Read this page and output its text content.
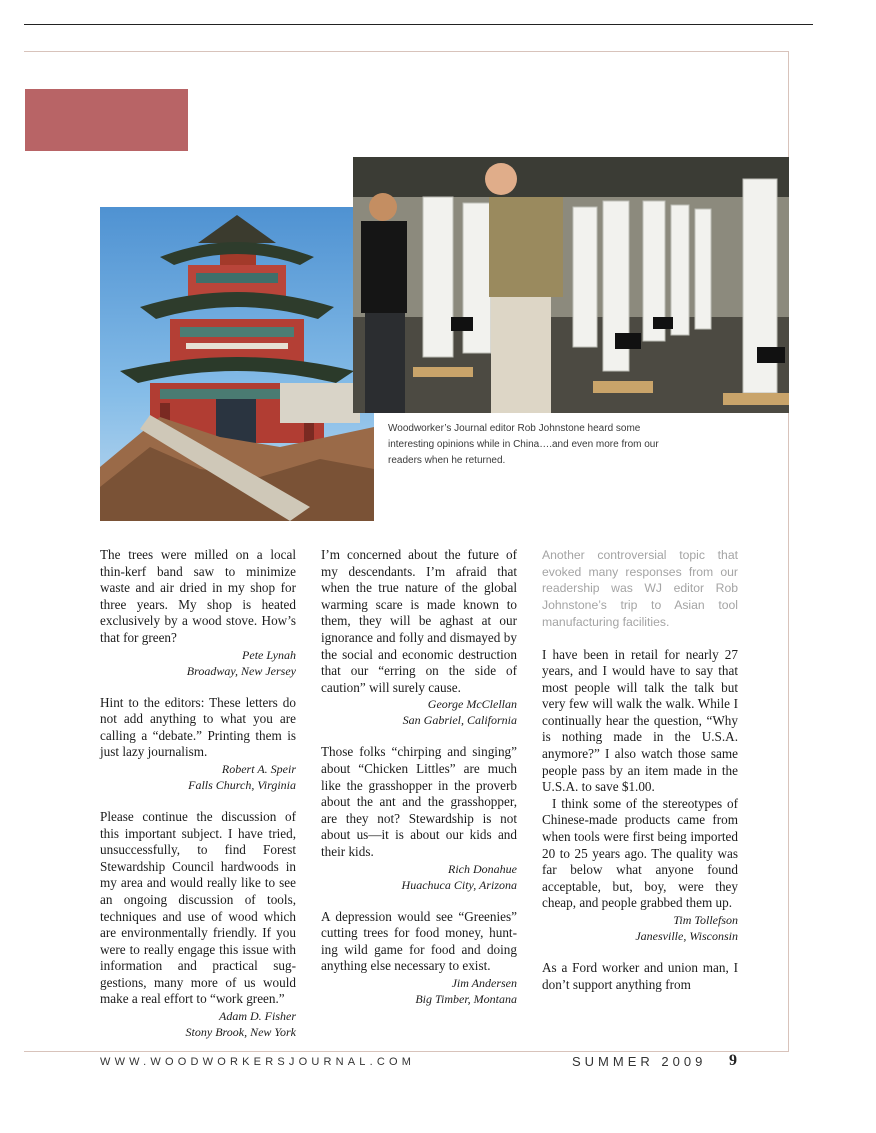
Woodworker’s Journal editor Rob Johnstone heard some interesting opinions while in China….and even more from our readers when he returned.

The trees were milled on a local thin-kerf band saw to minimize waste and air dried in my shop for three years. My shop is heated exclusively by a wood stove. How’s that for green?

Pete Lynah
Broadway, New Jersey

Hint to the editors: These letters do not add anything to what you are calling a “debate.” Printing them is just lazy journalism.

Robert A. Speir
Falls Church, Virginia

Please continue the discussion of this important subject. I have tried, unsuccessfully, to find Forest Stewardship Council hardwoods in my area and would really like to see an ongoing discussion of tools, techniques and use of wood which are environmentally friendly. If you were to really engage this issue with information and practical sug-gestions, many more of us would make a real effort to “work green.”

Adam D. Fisher
Stony Brook, New York

I’m concerned about the future of my descendants. I’m afraid that when the true nature of the global warming scare is made known to them, they will be aghast at our ignorance and folly and dismayed by the social and economic destruction that our “erring on the side of caution” will surely cause.

George McClellan
San Gabriel, California

Those folks “chirping and singing” about “Chicken Littles” are much like the grasshopper in the proverb about the ant and the grasshopper, are they not? Stewardship is not about us—it is about our kids and their kids.

Rich Donahue
Huachuca City, Arizona

A depression would see “Greenies” cutting trees for food money, hunt-ing wild game for food and doing anything else necessary to exist.

Jim Andersen
Big Timber, Montana

Another controversial topic that evoked many responses from our readership was WJ editor Rob Johnstone’s trip to Asian tool manufacturing facilities.

I have been in retail for nearly 27 years, and I would have to say that most people will talk the talk but very few will walk the walk. While I continually hear the question, “Why is nothing made in the U.S.A. anymore?” I also watch those same people pass by an item made in the U.S.A. to save $1.00.

I think some of the stereotypes of Chinese-made products came from when tools were first being imported 20 to 25 years ago. The quality was far below what anyone found acceptable, but, boy, were they cheap, and people grabbed them up.

Tim Tollefson
Janesville, Wisconsin

As a Ford worker and union man, I don’t support anything from

WWW.WOODWORKERSJOURNAL.COM	SUMMER 2009 9
